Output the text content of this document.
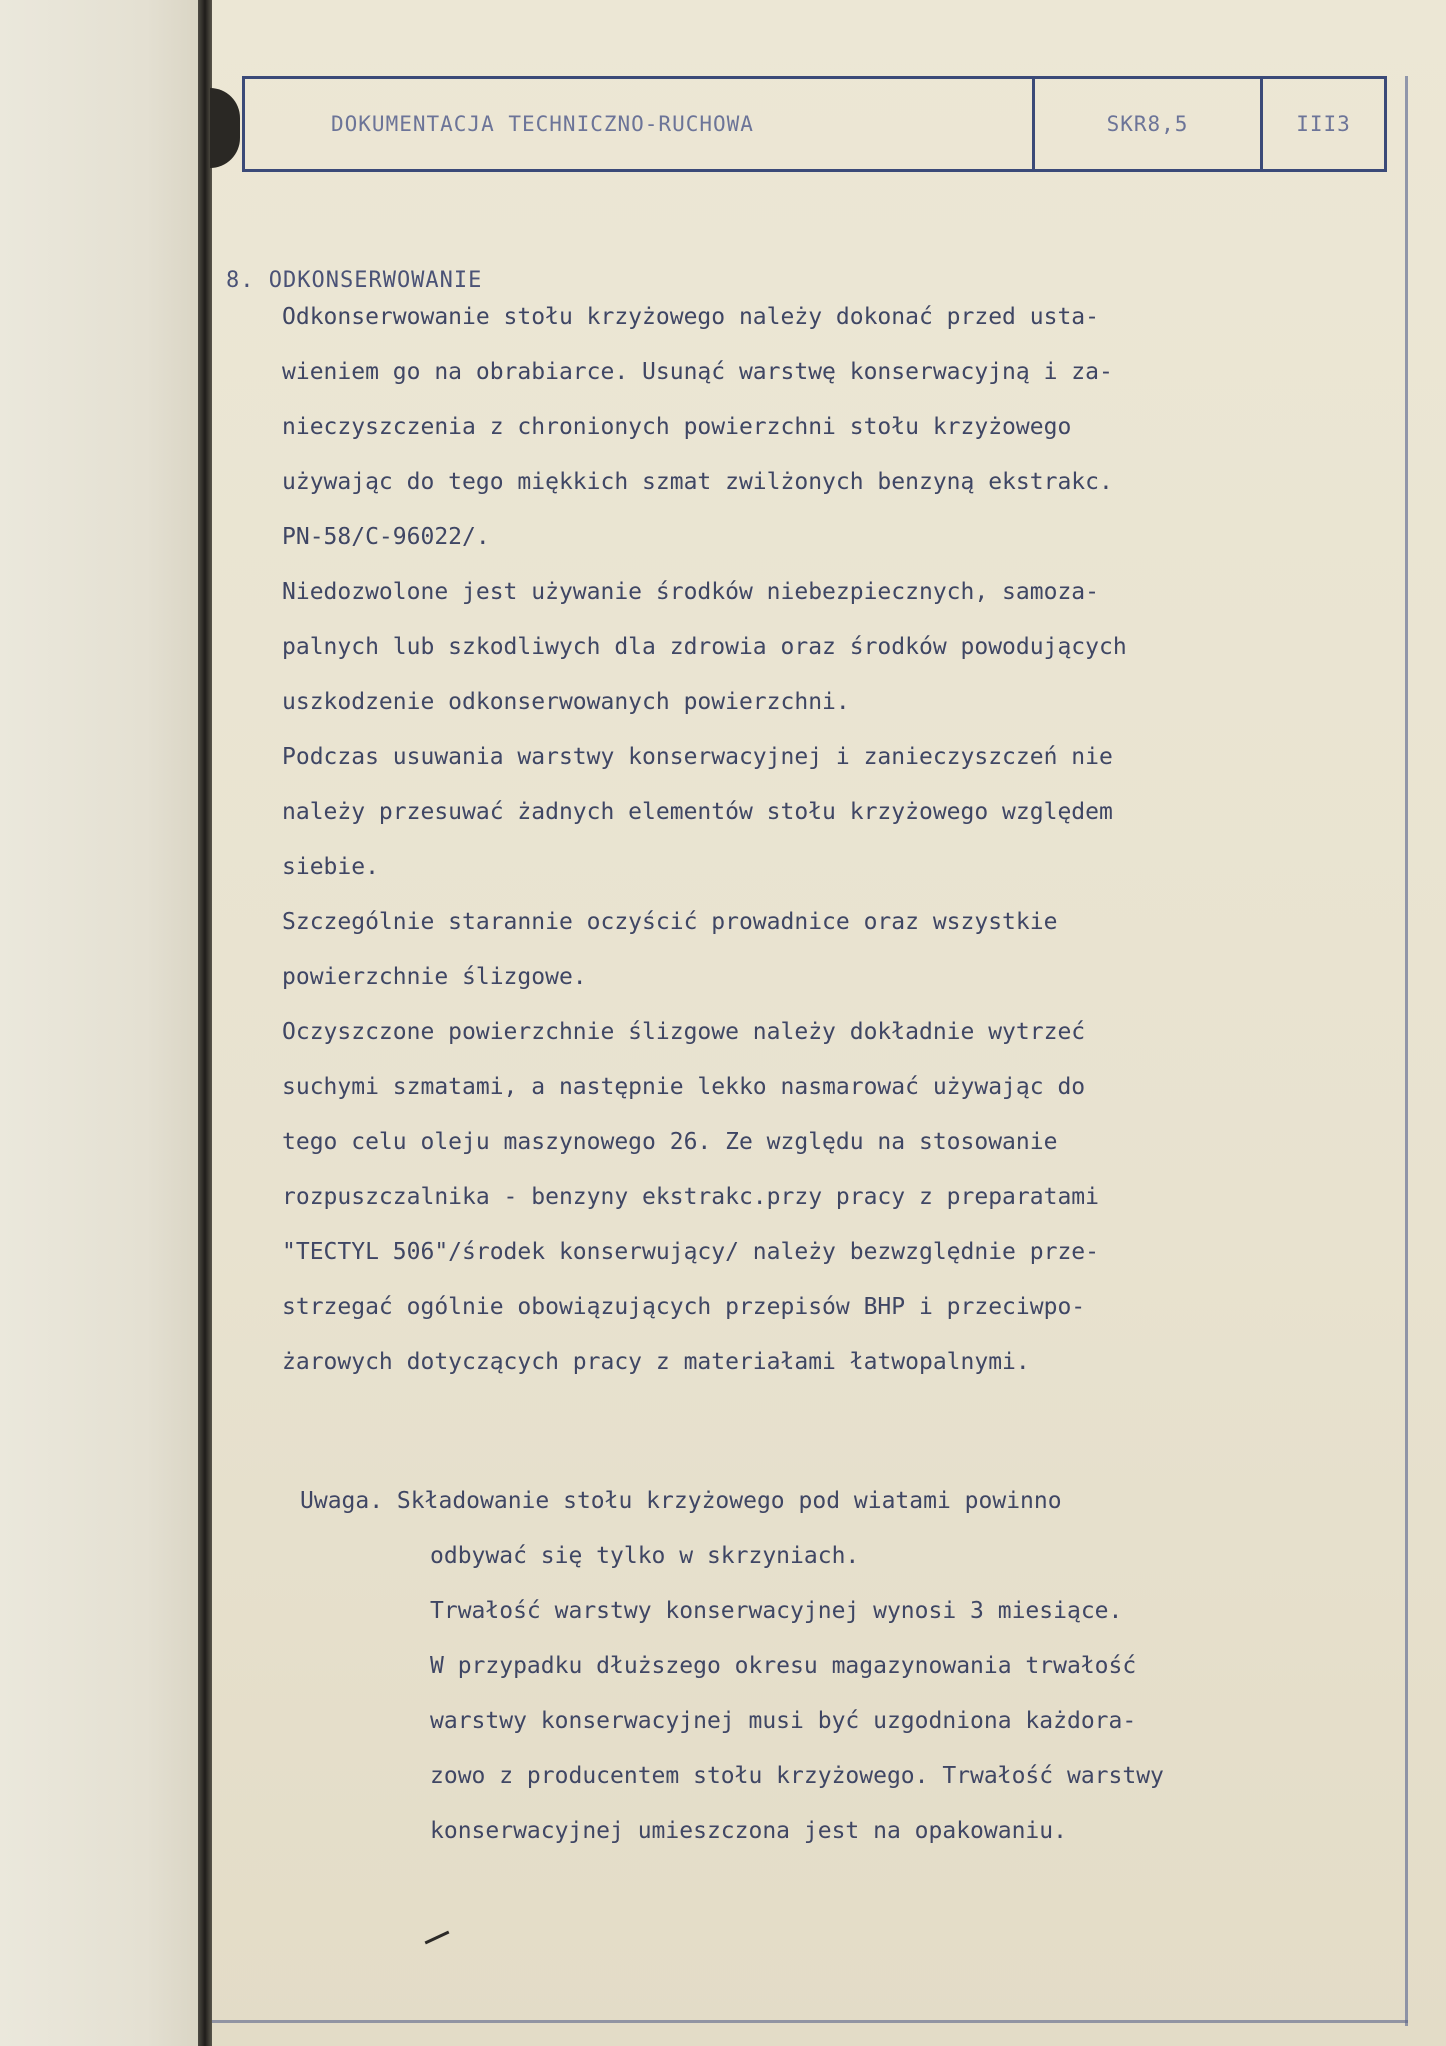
DOKUMENTACJA TECHNICZNO-RUCHOWA	SKR8,5	III3
8. ODKONSERWOWANIE
Odkonserwowanie stołu krzyżowego należy dokonać przed usta-
wieniem go na obrabiarce. Usunąć warstwę konserwacyjną i za-
nieczyszczenia z chronionych powierzchni stołu krzyżowego
używając do tego miękkich szmat zwilżonych benzyną ekstrakc.
PN-58/C-96022/.
Niedozwolone jest używanie środków niebezpiecznych, samoza-
palnych lub szkodliwych dla zdrowia oraz środków powodujących
uszkodzenie odkonserwowanych powierzchni.
Podczas usuwania warstwy konserwacyjnej i zanieczyszczeń nie
należy przesuwać żadnych elementów stołu krzyżowego względem
siebie.
Szczególnie starannie oczyścić prowadnice oraz wszystkie
powierzchnie ślizgowe.
Oczyszczone powierzchnie ślizgowe należy dokładnie wytrzeć
suchymi szmatami, a następnie lekko nasmarować używając do
tego celu oleju maszynowego 26. Ze względu na stosowanie
rozpuszczalnika - benzyny ekstrakc.przy pracy z preparatami
"TECTYL 506"/środek konserwujący/ należy bezwzględnie prze-
strzegać ogólnie obowiązujących przepisów BHP i przeciwpo-
żarowych dotyczących pracy z materiałami łatwopalnymi.
Uwaga. Składowanie stołu krzyżowego pod wiatami powinno
odbywać się tylko w skrzyniach.
Trwałość warstwy konserwacyjnej wynosi 3 miesiące.
W przypadku dłuższego okresu magazynowania trwałość
warstwy konserwacyjnej musi być uzgodniona każdora-
zowo z producentem stołu krzyżowego. Trwałość warstwy
konserwacyjnej umieszczona jest na opakowaniu.
